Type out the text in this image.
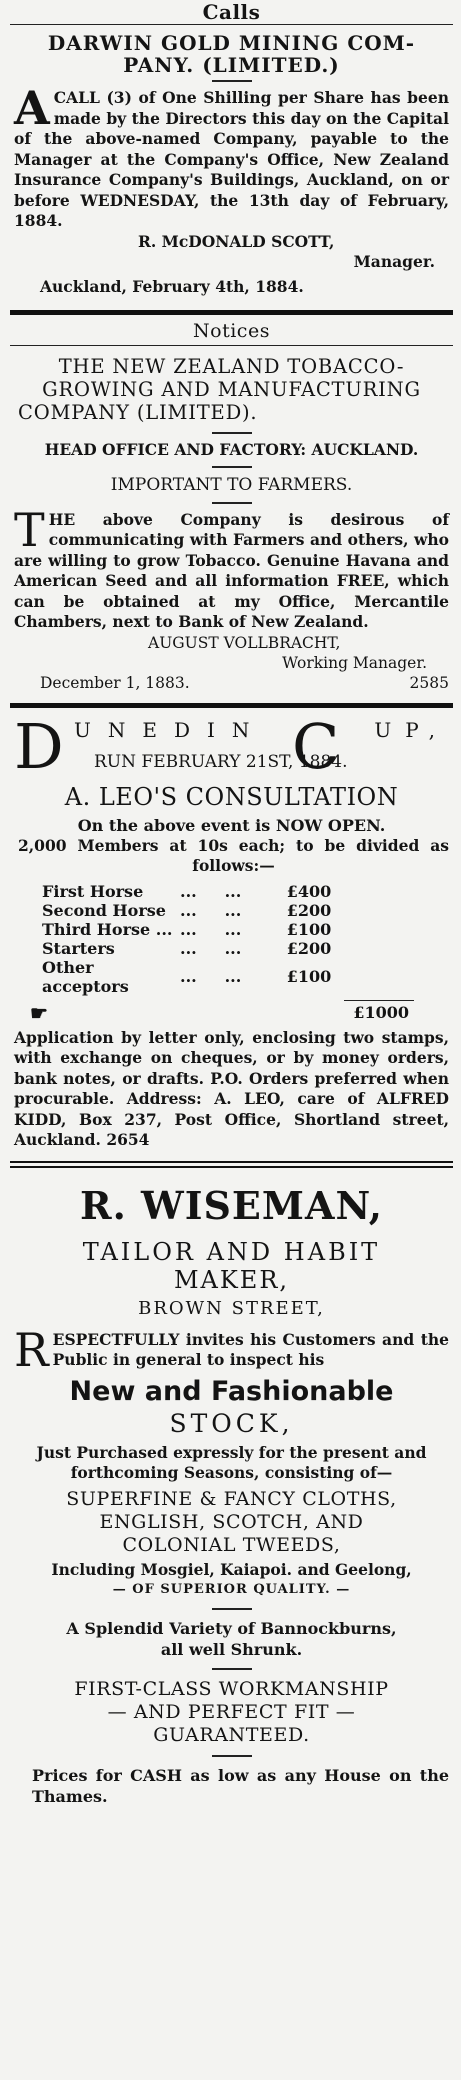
Calls
DARWIN GOLD MINING COM-
PANY. (LIMITED.)
A CALL (3) of One Shilling per Share has been made by the Directors this day on the Capital of the above-named Company, payable to the Manager at the Company's Office, New Zealand Insurance Company's Buildings, Auckland, on or before WEDNESDAY, the 13th day of February, 1884.
R. McDONALD SCOTT,
Manager.
Auckland, February 4th, 1884.
Notices
THE NEW ZEALAND TOBACCO-GROWING AND MANUFACTURING COMPANY (LIMITED).
HEAD OFFICE AND FACTORY: AUCKLAND.
IMPORTANT TO FARMERS.
T HE above Company is desirous of communicating with Farmers and others, who are willing to grow Tobacco. Genuine Havana and American Seed and all information FREE, which can be obtained at my Office, Mercantile Chambers, next to Bank of New Zealand.
AUGUST VOLLBRACHT,
Working Manager.
December 1, 1883.	2585
D UNEDIN C UP,
RUN FEBRUARY 21ST, 1884.
A. LEO'S CONSULTATION
On the above event is NOW OPEN.
2,000 Members at 10s each; to be divided as follows:—
First Horse	...     ...	£400
Second Horse	...     ...	£200
Third Horse ...	...     ...	£100
Starters	...     ...	£200
Other acceptors	...     ...	£100
☛	£1000
Application by letter only, enclosing two stamps, with exchange on cheques, or by money orders, bank notes, or drafts. P.O. Orders preferred when procurable. Address: A. LEO, care of ALFRED KIDD, Box 237, Post Office, Shortland street, Auckland. 2654
R. WISEMAN,
TAILOR AND HABIT
MAKER,
BROWN STREET,
R ESPECTFULLY invites his Customers and the Public in general to inspect his
New and Fashionable
STOCK,
Just Purchased expressly for the present and forthcoming Seasons, consisting of—
SUPERFINE & FANCY CLOTHS,
ENGLISH, SCOTCH, AND
COLONIAL TWEEDS,
Including Mosgiel, Kaiapoi. and Geelong,
— OF SUPERIOR QUALITY. —
A Splendid Variety of Bannockburns,
all well Shrunk.
FIRST-CLASS WORKMANSHIP
— AND PERFECT FIT —
GUARANTEED.
Prices for CASH as low as any House on the Thames.
